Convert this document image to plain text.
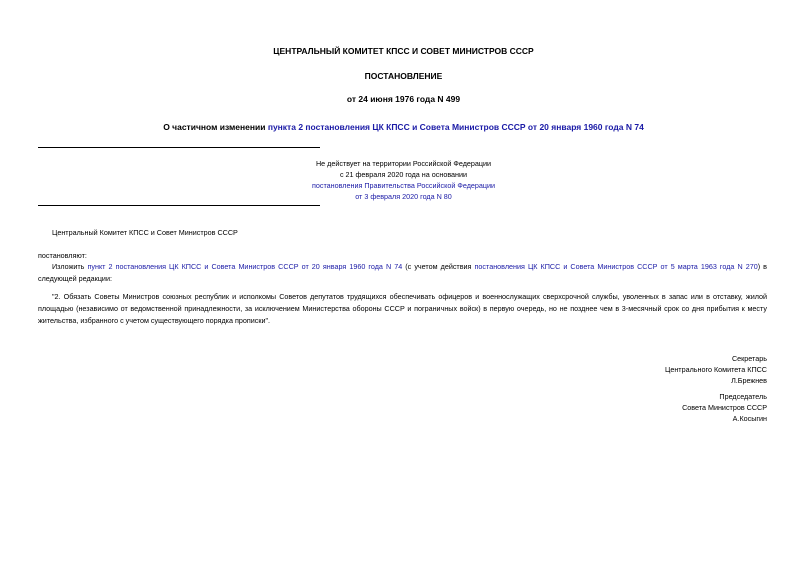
ЦЕНТРАЛЬНЫЙ КОМИТЕТ КПСС И СОВЕТ МИНИСТРОВ СССР
ПОСТАНОВЛЕНИЕ
от 24 июня 1976 года N 499
О частичном изменении пункта 2 постановления ЦК КПСС и Совета Министров СССР от 20 января 1960 года N 74
Не действует на территории Российской Федерации
с 21 февраля 2020 года на основании
постановления Правительства Российской Федерации
от 3 февраля 2020 года N 80
Центральный Комитет КПСС и Совет Министров СССР
постановляют:
Изложить пункт 2 постановления ЦК КПСС и Совета Министров СССР от 20 января 1960 года N 74 (с учетом действия постановления ЦК КПСС и Совета Министров СССР от 5 марта 1963 года N 270) в следующей редакции:
"2. Обязать Советы Министров союзных республик и исполкомы Советов депутатов трудящихся обеспечивать офицеров и военнослужащих сверхсрочной службы, уволенных в запас или в отставку, жилой площадью (независимо от ведомственной принадлежности, за исключением Министерства обороны СССР и пограничных войск) в первую очередь, но не позднее чем в 3-месячный срок со дня прибытия к месту жительства, избранного с учетом существующего порядка прописки".
Секретарь
Центрального Комитета КПСС
Л.Брежнев
Председатель
Совета Министров СССР
А.Косыгин
